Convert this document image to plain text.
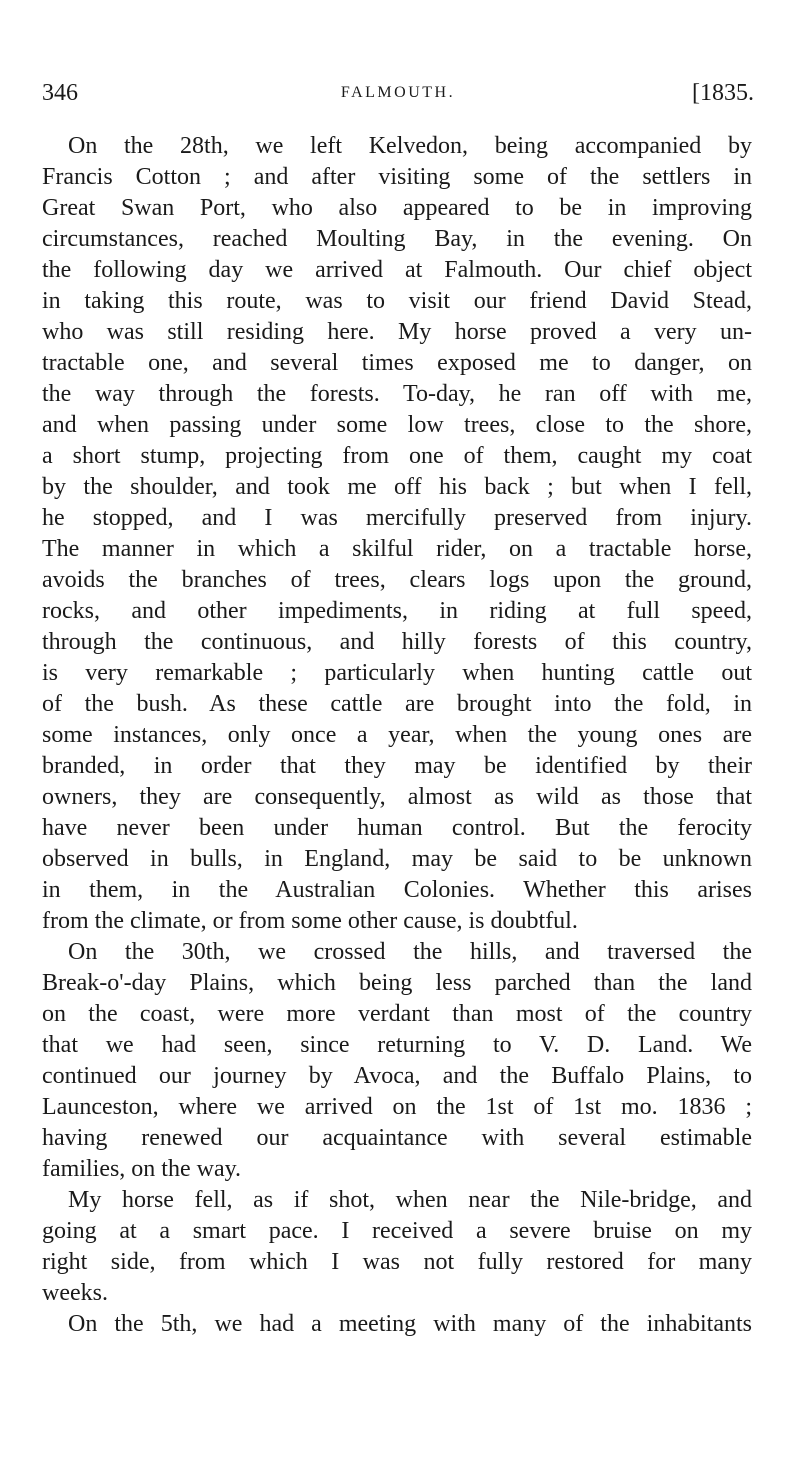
346	FALMOUTH.	[1835.

On the 28th, we left Kelvedon, being accompanied by
Francis Cotton ; and after visiting some of the settlers in
Great Swan Port, who also appeared to be in improving
circumstances, reached Moulting Bay, in the evening. On
the following day we arrived at Falmouth. Our chief object
in taking this route, was to visit our friend David Stead,
who was still residing here. My horse proved a very un-
tractable one, and several times exposed me to danger, on
the way through the forests. To-day, he ran off with me,
and when passing under some low trees, close to the shore,
a short stump, projecting from one of them, caught my coat
by the shoulder, and took me off his back ; but when I fell,
he stopped, and I was mercifully preserved from injury.
The manner in which a skilful rider, on a tractable horse,
avoids the branches of trees, clears logs upon the ground,
rocks, and other impediments, in riding at full speed,
through the continuous, and hilly forests of this country,
is very remarkable ; particularly when hunting cattle out
of the bush. As these cattle are brought into the fold, in
some instances, only once a year, when the young ones are
branded, in order that they may be identified by their
owners, they are consequently, almost as wild as those that
have never been under human control. But the ferocity
observed in bulls, in England, may be said to be unknown
in them, in the Australian Colonies. Whether this arises
from the climate, or from some other cause, is doubtful.

On the 30th, we crossed the hills, and traversed the
Break-o'-day Plains, which being less parched than the land
on the coast, were more verdant than most of the country
that we had seen, since returning to V. D. Land. We
continued our journey by Avoca, and the Buffalo Plains, to
Launceston, where we arrived on the 1st of 1st mo. 1836 ;
having renewed our acquaintance with several estimable
families, on the way.

My horse fell, as if shot, when near the Nile-bridge, and
going at a smart pace. I received a severe bruise on my
right side, from which I was not fully restored for many
weeks.

On the 5th, we had a meeting with many of the inhabitants
